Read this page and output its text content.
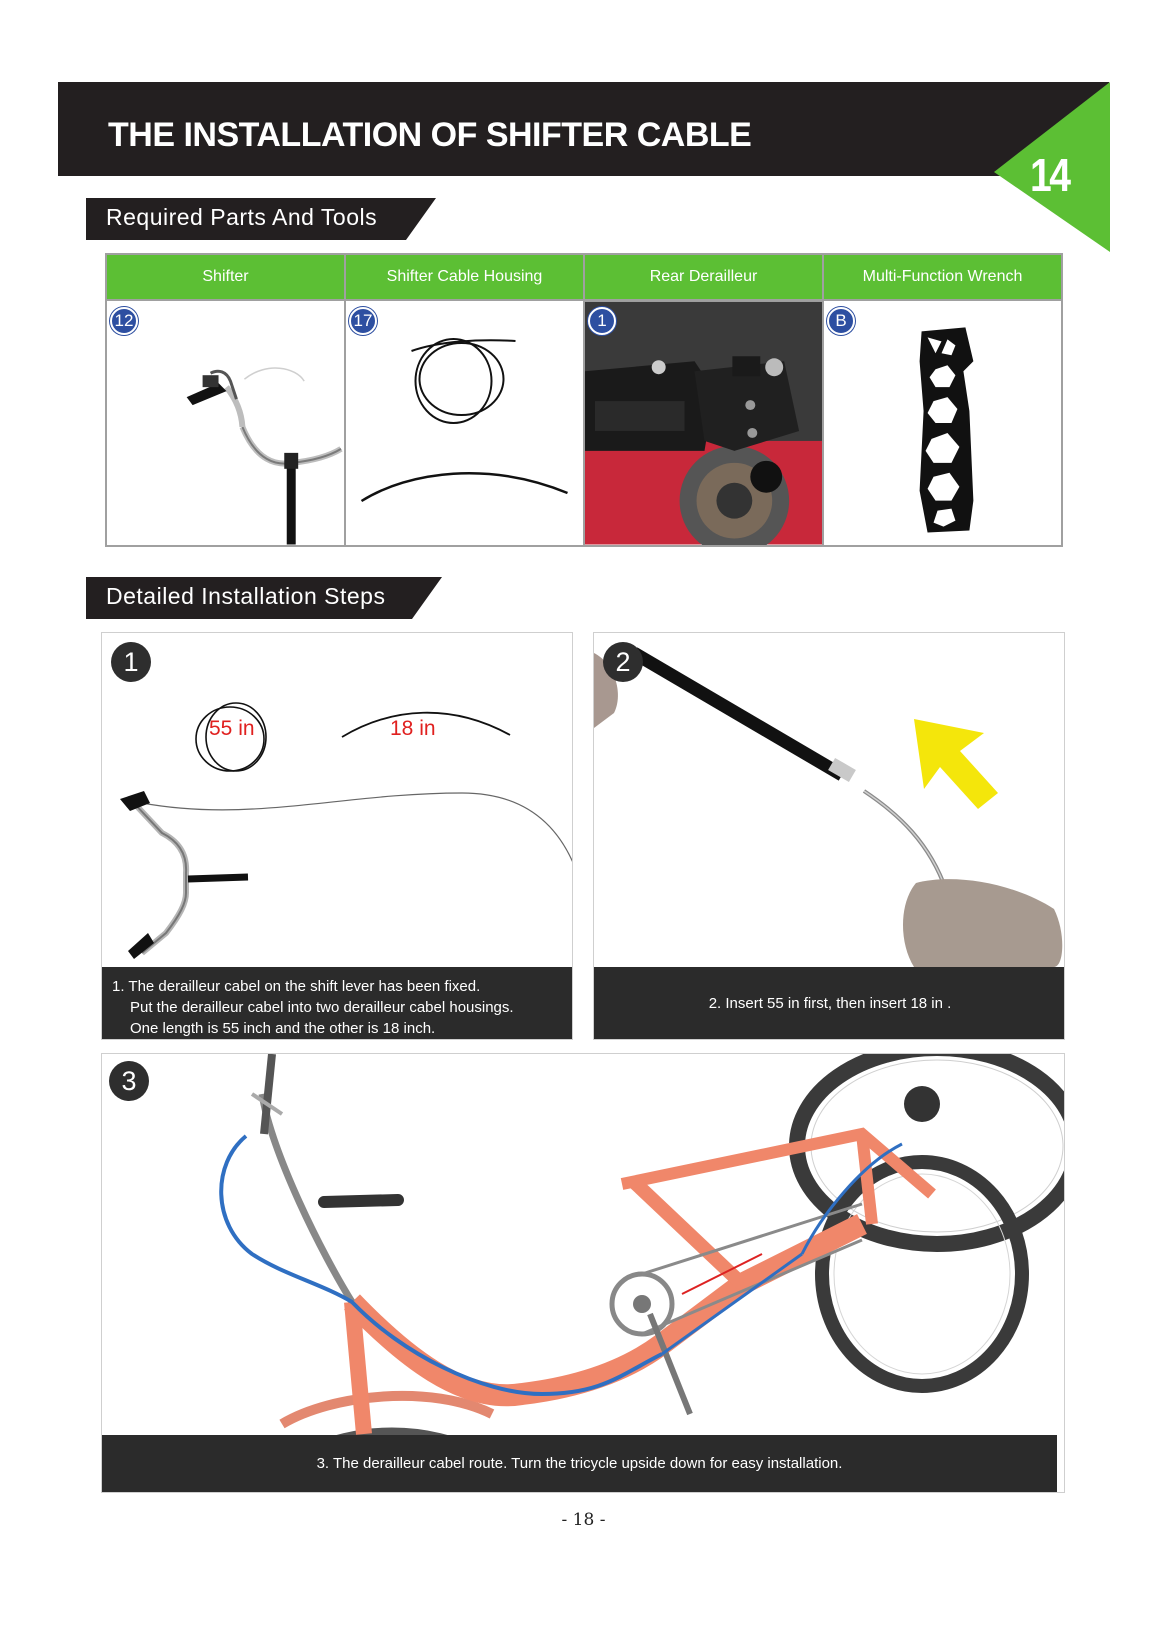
THE INSTALLATION OF SHIFTER CABLE
14
Required Parts And Tools
Shifter
12
Shifter Cable Housing
17
Rear Derailleur
1
Multi-Function Wrench
B
Detailed Installation Steps
1
55 in	18 in
1. The derailleur cabel on the shift lever has been fixed.
Put the derailleur cabel into two derailleur cabel housings.
One length is 55 inch and the other is 18 inch.
2
2. Insert 55 in first, then insert 18 in .
3
3. The derailleur cabel route. Turn the tricycle upside down for easy installation.
- 18 -
